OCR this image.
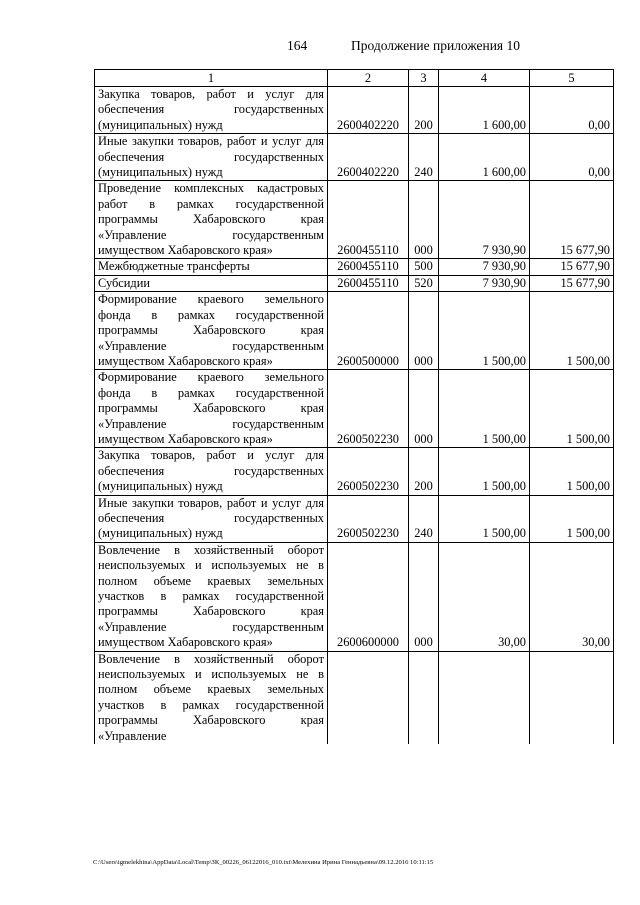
164	Продолжение приложения 10
1	2	3	4	5
Закупка товаров, работ и услуг для обеспечения государственных (муниципальных) нужд	2600402220	200	1 600,00	0,00
Иные закупки товаров, работ и услуг для обеспечения государственных (муниципальных) нужд	2600402220	240	1 600,00	0,00
Проведение комплексных кадастровых работ в рамках государственной программы Хабаровского края «Управление государственным имуществом Хабаровского края»	2600455110	000	7 930,90	15 677,90
Межбюджетные трансферты	2600455110	500	7 930,90	15 677,90
Субсидии	2600455110	520	7 930,90	15 677,90
Формирование краевого земельного фонда в рамках государственной программы Хабаровского края «Управление государственным имуществом Хабаровского края»	2600500000	000	1 500,00	1 500,00
Формирование краевого земельного фонда в рамках государственной программы Хабаровского края «Управление государственным имуществом Хабаровского края»	2600502230	000	1 500,00	1 500,00
Закупка товаров, работ и услуг для обеспечения государственных (муниципальных) нужд	2600502230	200	1 500,00	1 500,00
Иные закупки товаров, работ и услуг для обеспечения государственных (муниципальных) нужд	2600502230	240	1 500,00	1 500,00
Вовлечение в хозяйственный оборот неиспользуемых и используемых не в полном объеме краевых земельных участков в рамках государственной программы Хабаровского края «Управление государственным имуществом Хабаровского края»	2600600000	000	30,00	30,00
Вовлечение в хозяйственный оборот неиспользуемых и используемых не в полном объеме краевых земельных участков в рамках государственной программы Хабаровского края «Управление				
C:\Users\igmelekhina\AppData\Local\Temp\ЗК_00226_06122016_010.txt\Мелехина Ирина Геннадьевна\09.12.2016 10:11:15
